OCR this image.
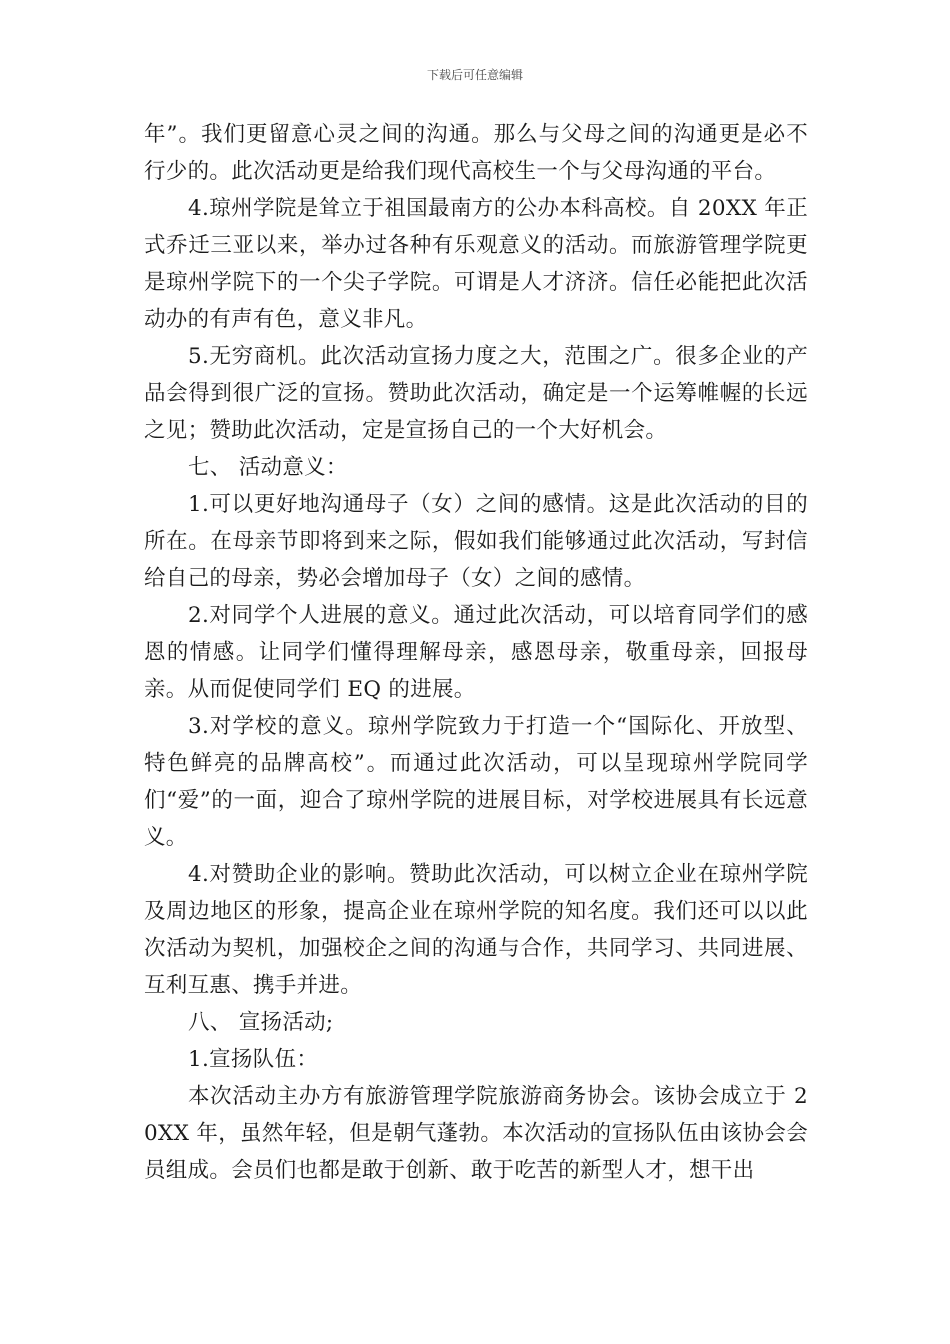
下载后可任意编辑

年”。我们更留意心灵之间的沟通。那么与父母之间的沟通更是必不行少的。此次活动更是给我们现代高校生一个与父母沟通的平台。

4.琼州学院是耸立于祖国最南方的公办本科高校。自 20XX 年正式乔迁三亚以来，举办过各种有乐观意义的活动。而旅游管理学院更是琼州学院下的一个尖子学院。可谓是人才济济。信任必能把此次活动办的有声有色，意义非凡。

5.无穷商机。此次活动宣扬力度之大，范围之广。很多企业的产品会得到很广泛的宣扬。赞助此次活动，确定是一个运筹帷幄的长远之见；赞助此次活动，定是宣扬自己的一个大好机会。

七、 活动意义：

1.可以更好地沟通母子（女）之间的感情。这是此次活动的目的所在。在母亲节即将到来之际，假如我们能够通过此次活动，写封信给自己的母亲，势必会增加母子（女）之间的感情。

2.对同学个人进展的意义。通过此次活动，可以培育同学们的感恩的情感。让同学们懂得理解母亲，感恩母亲，敬重母亲，回报母亲。从而促使同学们 EQ 的进展。

3.对学校的意义。琼州学院致力于打造一个“国际化、开放型、特色鲜亮的品牌高校”。而通过此次活动，可以呈现琼州学院同学们“爱”的一面，迎合了琼州学院的进展目标，对学校进展具有长远意义。

4.对赞助企业的影响。赞助此次活动，可以树立企业在琼州学院及周边地区的形象，提高企业在琼州学院的知名度。我们还可以以此次活动为契机，加强校企之间的沟通与合作，共同学习、共同进展、互利互惠、携手并进。

八、 宣扬活动;

1.宣扬队伍：

本次活动主办方有旅游管理学院旅游商务协会。该协会成立于 20XX 年，虽然年轻，但是朝气蓬勃。本次活动的宣扬队伍由该协会会员组成。会员们也都是敢于创新、敢于吃苦的新型人才，想干出
